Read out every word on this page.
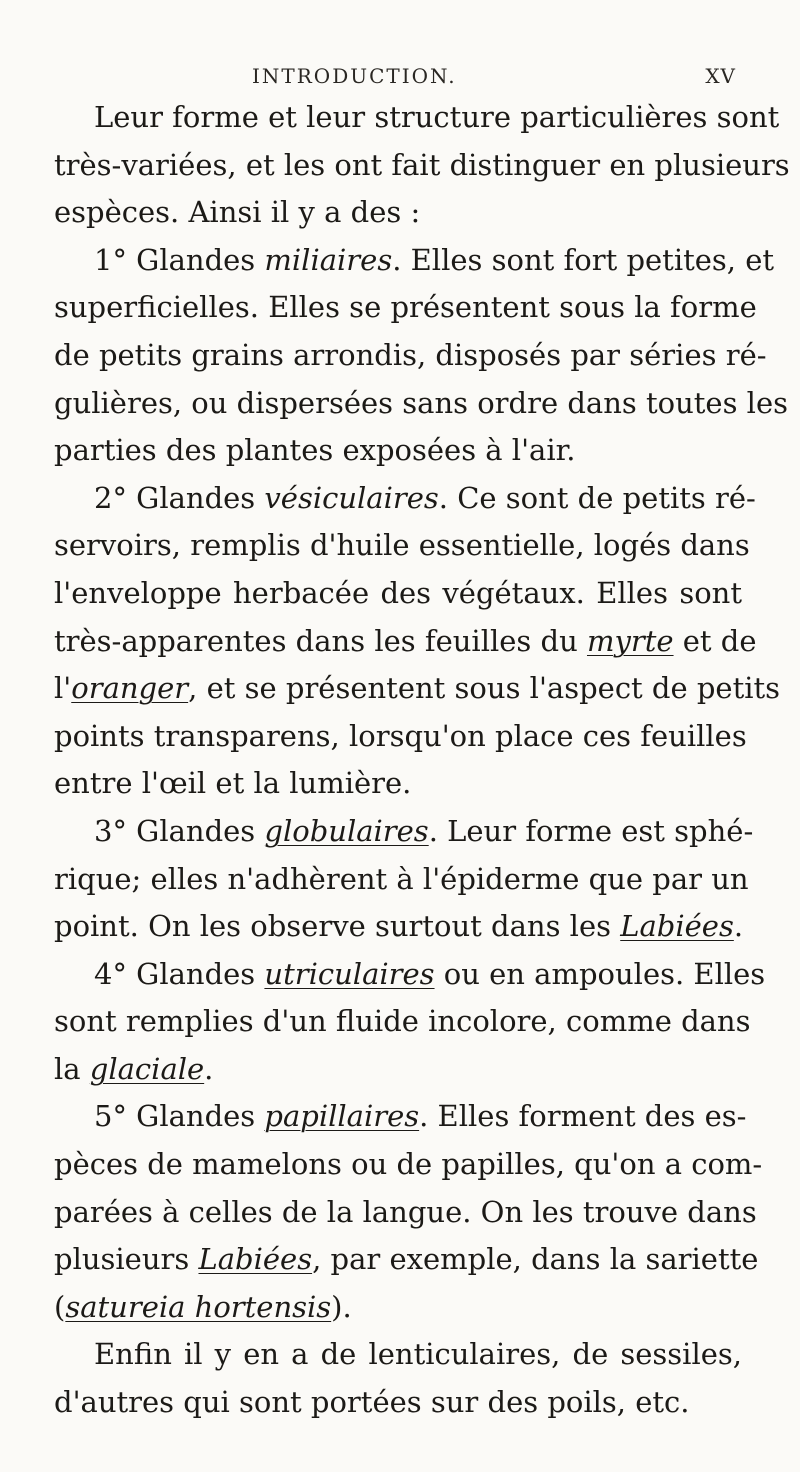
INTRODUCTION.	XV
Leur forme et leur structure particulières sont
très-variées, et les ont fait distinguer en plusieurs
espèces. Ainsi il y a des :
1° Glandes miliaires. Elles sont fort petites, et
superficielles. Elles se présentent sous la forme
de petits grains arrondis, disposés par séries ré-
gulières, ou dispersées sans ordre dans toutes les
parties des plantes exposées à l'air.
2° Glandes vésiculaires. Ce sont de petits ré-
servoirs, remplis d'huile essentielle, logés dans
l'enveloppe herbacée des végétaux. Elles sont
très-apparentes dans les feuilles du myrte et de
l'oranger, et se présentent sous l'aspect de petits
points transparens, lorsqu'on place ces feuilles
entre l'œil et la lumière.
3° Glandes globulaires. Leur forme est sphé-
rique; elles n'adhèrent à l'épiderme que par un
point. On les observe surtout dans les Labiées.
4° Glandes utriculaires ou en ampoules. Elles
sont remplies d'un fluide incolore, comme dans
la glaciale.
5° Glandes papillaires. Elles forment des es-
pèces de mamelons ou de papilles, qu'on a com-
parées à celles de la langue. On les trouve dans
plusieurs Labiées, par exemple, dans la sariette
(satureia hortensis).
Enfin il y en a de lenticulaires, de sessiles,
d'autres qui sont portées sur des poils, etc.
